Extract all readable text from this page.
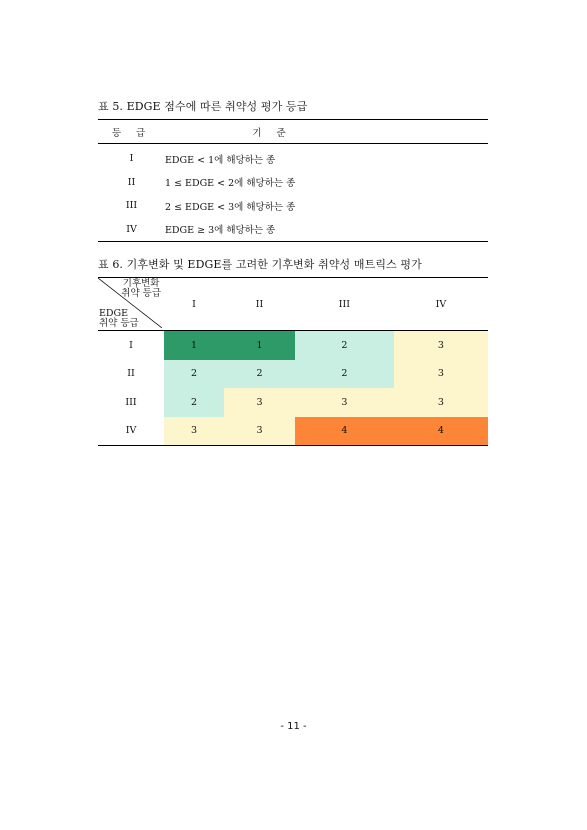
표 5. EDGE 점수에 따른 취약성 평가 등급
등 급	기 준
I	EDGE < 1에 해당하는 종
II	1 ≤ EDGE < 2에 해당하는 종
III	2 ≤ EDGE < 3에 해당하는 종
IV	EDGE ≥ 3에 해당하는 종
표 6. 기후변화 및 EDGE를 고려한 기후변화 취약성 매트릭스 평가
기후변화
취약 등급
EDGE
취약 등급	I	II	III	IV
I	1	1	2	3
II	2	2	2	3
III	2	3	3	3
IV	3	3	4	4
- 11 -
